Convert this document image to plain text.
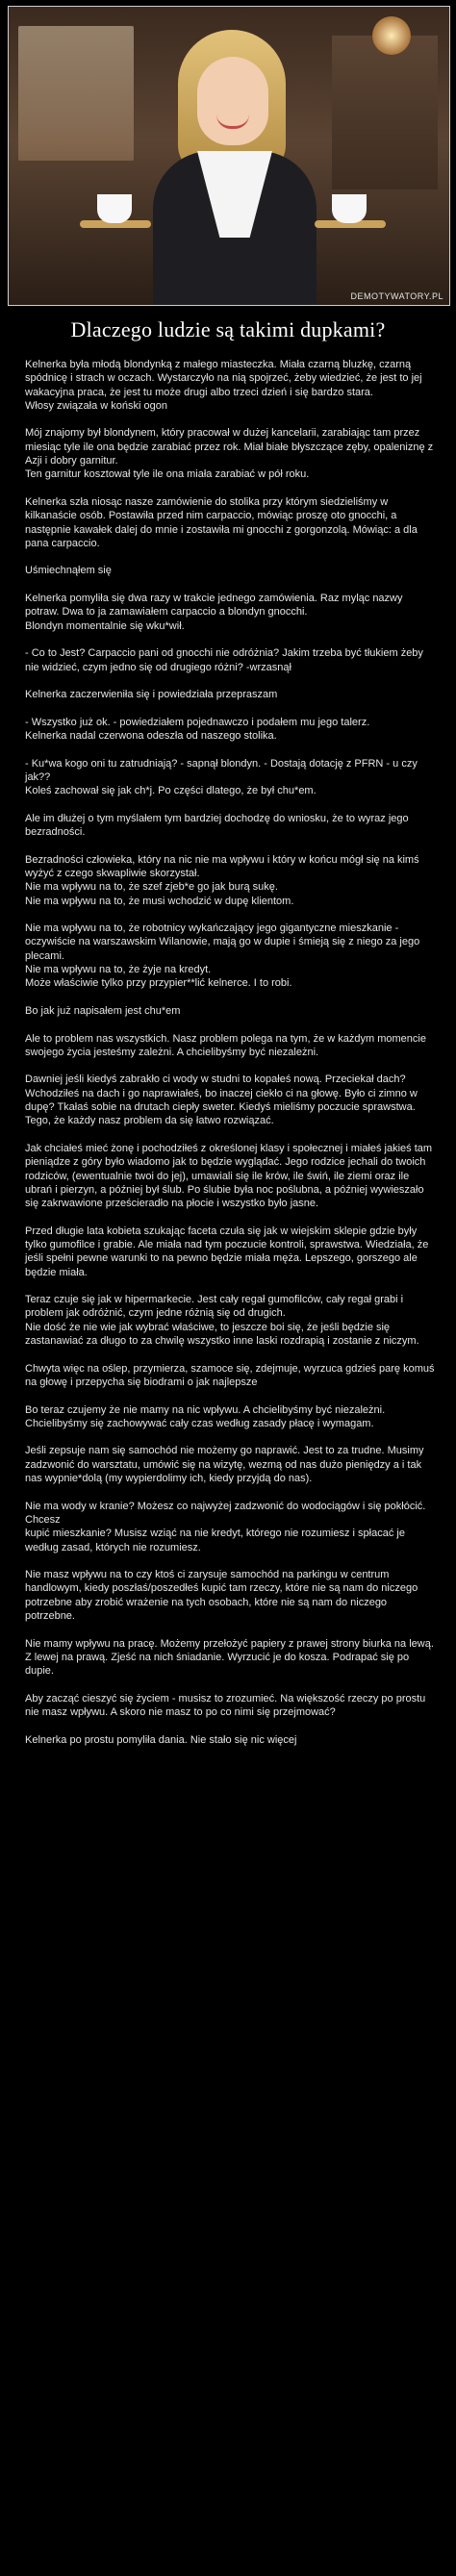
DEMOTYWATORY.PL
Dlaczego ludzie są takimi dupkami?
Kelnerka była młodą blondynką z małego miasteczka. Miała czarną bluzkę, czarną spódnicę i strach w oczach. Wystarczyło na nią spojrzeć, żeby wiedzieć, że jest to jej wakacyjna praca, że jest tu może drugi albo trzeci dzień i się bardzo stara.
Włosy związała w koński ogon

Mój znajomy był blondynem, który pracował w dużej kancelarii, zarabiając tam przez miesiąc tyle ile ona będzie zarabiać przez rok. Miał białe błyszczące zęby, opaleniznę z Azji i dobry garnitur.
Ten garnitur kosztował tyle ile ona miała zarabiać w pół roku.

Kelnerka szła niosąc nasze zamówienie do stolika przy którym siedzieliśmy w kilkanaście osób. Postawiła przed nim carpaccio, mówiąc proszę oto gnocchi, a następnie kawałek dalej do mnie i zostawiła mi gnocchi z gorgonzolą. Mówiąc: a dla pana carpaccio.

Uśmiechnąłem się

Kelnerka pomyliła się dwa razy w trakcie jednego zamówienia. Raz myląc nazwy potraw. Dwa to ja zamawiałem carpaccio a blondyn gnocchi.
Blondyn momentalnie się wku*wił.

- Co to Jest? Carpaccio pani od gnocchi nie odróżnia? Jakim trzeba być tłukiem żeby nie widzieć, czym jedno się od drugiego różni? -wrzasnął

Kelnerka zaczerwieniła się i powiedziała przepraszam

- Wszystko już ok. - powiedziałem pojednawczo i podałem mu jego talerz.
Kelnerka nadal czerwona odeszła od naszego stolika.

- Ku*wa kogo oni tu zatrudniają? - sapnął blondyn. - Dostają dotację z PFRN - u czy jak??
Koleś zachował się jak ch*j. Po części dlatego, że był chu*em.

Ale im dłużej o tym myślałem tym bardziej dochodzę do wniosku, że to wyraz jego bezradności.

Bezradności człowieka, który na nic nie ma wpływu i który w końcu mógł się na kimś wyżyć z czego skwapliwie skorzystał.
Nie ma wpływu na to, że szef zjeb*e go jak burą sukę.
Nie ma wpływu na to, że musi wchodzić w dupę klientom.

Nie ma wpływu na to, że robotnicy wykańczający jego gigantyczne mieszkanie - oczywiście na warszawskim Wilanowie, mają go w dupie i śmieją się z niego za jego plecami.
Nie ma wpływu na to, że żyje na kredyt.
Może właściwie tylko przy przypier**lić kelnerce. I to robi.

Bo jak już napisałem jest chu*em

Ale to problem nas wszystkich. Nasz problem polega na tym, że w każdym momencie swojego życia jesteśmy zależni. A chcielibyśmy być niezależni.

Dawniej jeśli kiedyś zabrakło ci wody w studni to kopałeś nową. Przeciekał dach? Wchodziłeś na dach i go naprawiałeś, bo inaczej ciekło ci na głowę. Było ci zimno w dupę? Tkałaś sobie na drutach ciepły sweter. Kiedyś mieliśmy poczucie sprawstwa. Tego, że każdy nasz problem da się łatwo rozwiązać.

Jak chciałeś mieć żonę i pochodziłeś z określonej klasy i społecznej i miałeś jakieś tam pieniądze z góry było wiadomo jak to będzie wyglądać. Jego rodzice jechali do twoich rodziców, (ewentualnie twoi do jej), umawiali się ile krów, ile świń, ile ziemi oraz ile ubrań i pierzyn, a później był ślub. Po ślubie była noc poślubna, a później wywieszało się zakrwawione prześcieradło na płocie i wszystko było jasne.

Przed długie lata kobieta szukając faceta czuła się jak w wiejskim sklepie gdzie były tylko gumofilce i grabie. Ale miała nad tym poczucie kontroli, sprawstwa. Wiedziała, że jeśli spełni pewne warunki to na pewno będzie miała męża. Lepszego, gorszego ale będzie miała.

Teraz czuje się jak w hipermarkecie. Jest cały regał gumofilców, cały regał grabi i problem jak odróżnić, czym jedne różnią się od drugich.
Nie dość że nie wie jak wybrać właściwe, to jeszcze boi się, że jeśli będzie się zastanawiać za długo to za chwilę wszystko inne laski rozdrapią i zostanie z niczym.

Chwyta więc na oślep, przymierza, szamoce się, zdejmuje, wyrzuca gdzieś parę komuś na głowę i przepycha się biodrami o jak najlepsze

Bo teraz czujemy że nie mamy na nic wpływu. A chcielibyśmy być niezależni. Chcielibyśmy się zachowywać cały czas według zasady płacę i wymagam.

Jeśli zepsuje nam się samochód nie możemy go naprawić. Jest to za trudne. Musimy zadzwonić do warsztatu, umówić się na wizytę, wezmą od nas dużo pieniędzy a i tak nas wypnie*dolą (my wypierdolimy ich, kiedy przyjdą do nas).

Nie ma wody w kranie? Możesz co najwyżej zadzwonić do wodociągów i się pokłócić. Chcesz
kupić mieszkanie? Musisz wziąć na nie kredyt, którego nie rozumiesz i spłacać je według zasad, których nie rozumiesz.

Nie masz wpływu na to czy ktoś ci zarysuje samochód na parkingu w centrum handlowym, kiedy poszłaś/poszedłeś kupić tam rzeczy, które nie są nam do niczego potrzebne aby zrobić wrażenie na tych osobach, które nie są nam do niczego potrzebne.

Nie mamy wpływu na pracę. Możemy przełożyć papiery z prawej strony biurka na lewą. Z lewej na prawą. Zjeść na nich śniadanie. Wyrzucić je do kosza. Podrapać się po dupie.

Aby zacząć cieszyć się życiem - musisz to zrozumieć. Na większość rzeczy po prostu nie masz wpływu. A skoro nie masz to po co nimi się przejmować?

Kelnerka po prostu pomyliła dania. Nie stało się nic więcej
